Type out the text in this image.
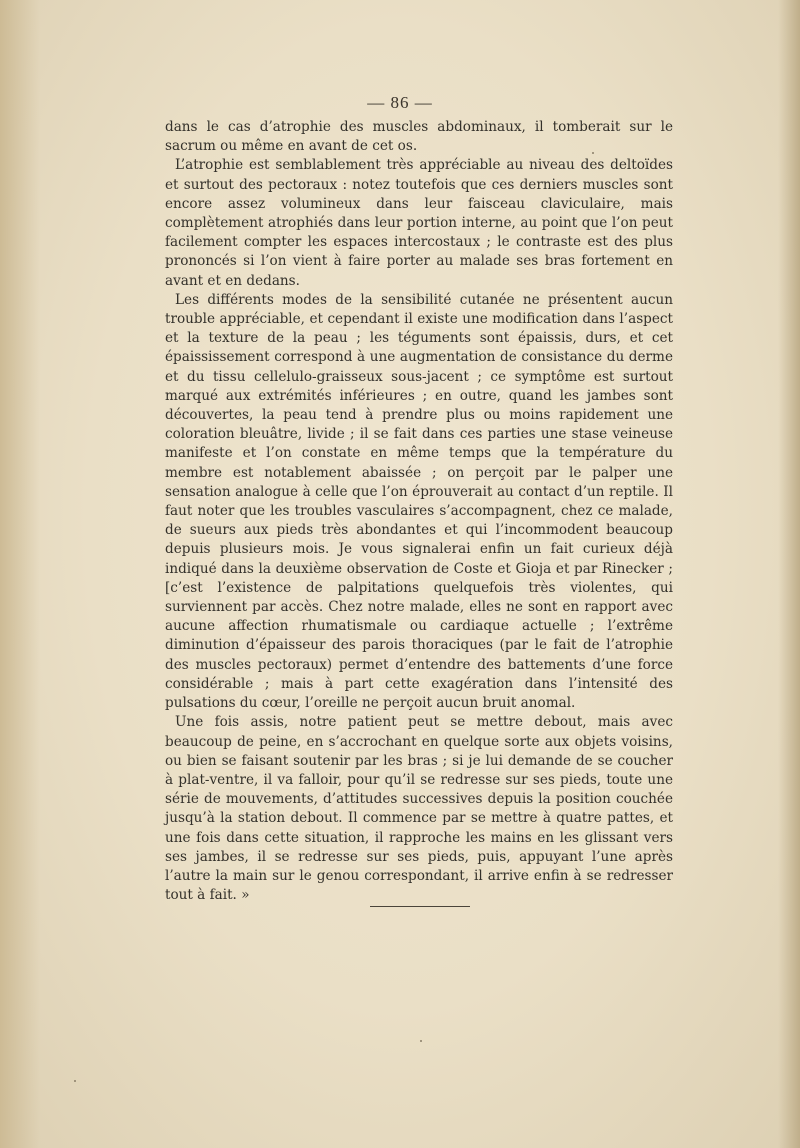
— 86 —

dans le cas d’atrophie des muscles abdominaux, il tomberait sur le sacrum ou même en avant de cet os.

L’atrophie est semblablement très appréciable au niveau des deltoïdes et surtout des pectoraux : notez toutefois que ces derniers muscles sont encore assez volumineux dans leur faisceau claviculaire, mais complètement atrophiés dans leur portion interne, au point que l’on peut facilement compter les espaces intercostaux ; le contraste est des plus prononcés si l’on vient à faire porter au malade ses bras fortement en avant et en dedans.

Les différents modes de la sensibilité cutanée ne présentent aucun trouble appréciable, et cependant il existe une modification dans l’aspect et la texture de la peau ; les téguments sont épaissis, durs, et cet épaississement correspond à une augmentation de consistance du derme et du tissu cellelulo-graisseux sous-jacent ; ce symptôme est surtout marqué aux extrémités inférieures ; en outre, quand les jambes sont découvertes, la peau tend à prendre plus ou moins rapidement une coloration bleuâtre, livide ; il se fait dans ces parties une stase veineuse manifeste et l’on constate en même temps que la température du membre est notablement abaissée ; on perçoit par le palper une sensation analogue à celle que l’on éprouverait au contact d’un reptile. Il faut noter que les troubles vasculaires s’accompagnent, chez ce malade, de sueurs aux pieds très abondantes et qui l’incommodent beaucoup depuis plusieurs mois. Je vous signalerai enfin un fait curieux déjà indiqué dans la deuxième observation de Coste et Gioja et par Rinecker ; [c’est l’existence de palpitations quelquefois très violentes, qui surviennent par accès. Chez notre malade, elles ne sont en rapport avec aucune affection rhumatismale ou cardiaque actuelle ; l’extrême diminution d’épaisseur des parois thoraciques (par le fait de l’atrophie des muscles pectoraux) permet d’entendre des battements d’une force considérable ; mais à part cette exagération dans l’intensité des pulsations du cœur, l’oreille ne perçoit aucun bruit anomal.

Une fois assis, notre patient peut se mettre debout, mais avec beaucoup de peine, en s’accrochant en quelque sorte aux objets voisins, ou bien se faisant soutenir par les bras ; si je lui demande de se coucher à plat-ventre, il va falloir, pour qu’il se redresse sur ses pieds, toute une série de mouvements, d’attitudes successives depuis la position couchée jusqu’à la station debout. Il commence par se mettre à quatre pattes, et une fois dans cette situation, il rapproche les mains en les glissant vers ses jambes, il se redresse sur ses pieds, puis, appuyant l’une après l’autre la main sur le genou correspondant, il arrive enfin à se redresser tout à fait. »
